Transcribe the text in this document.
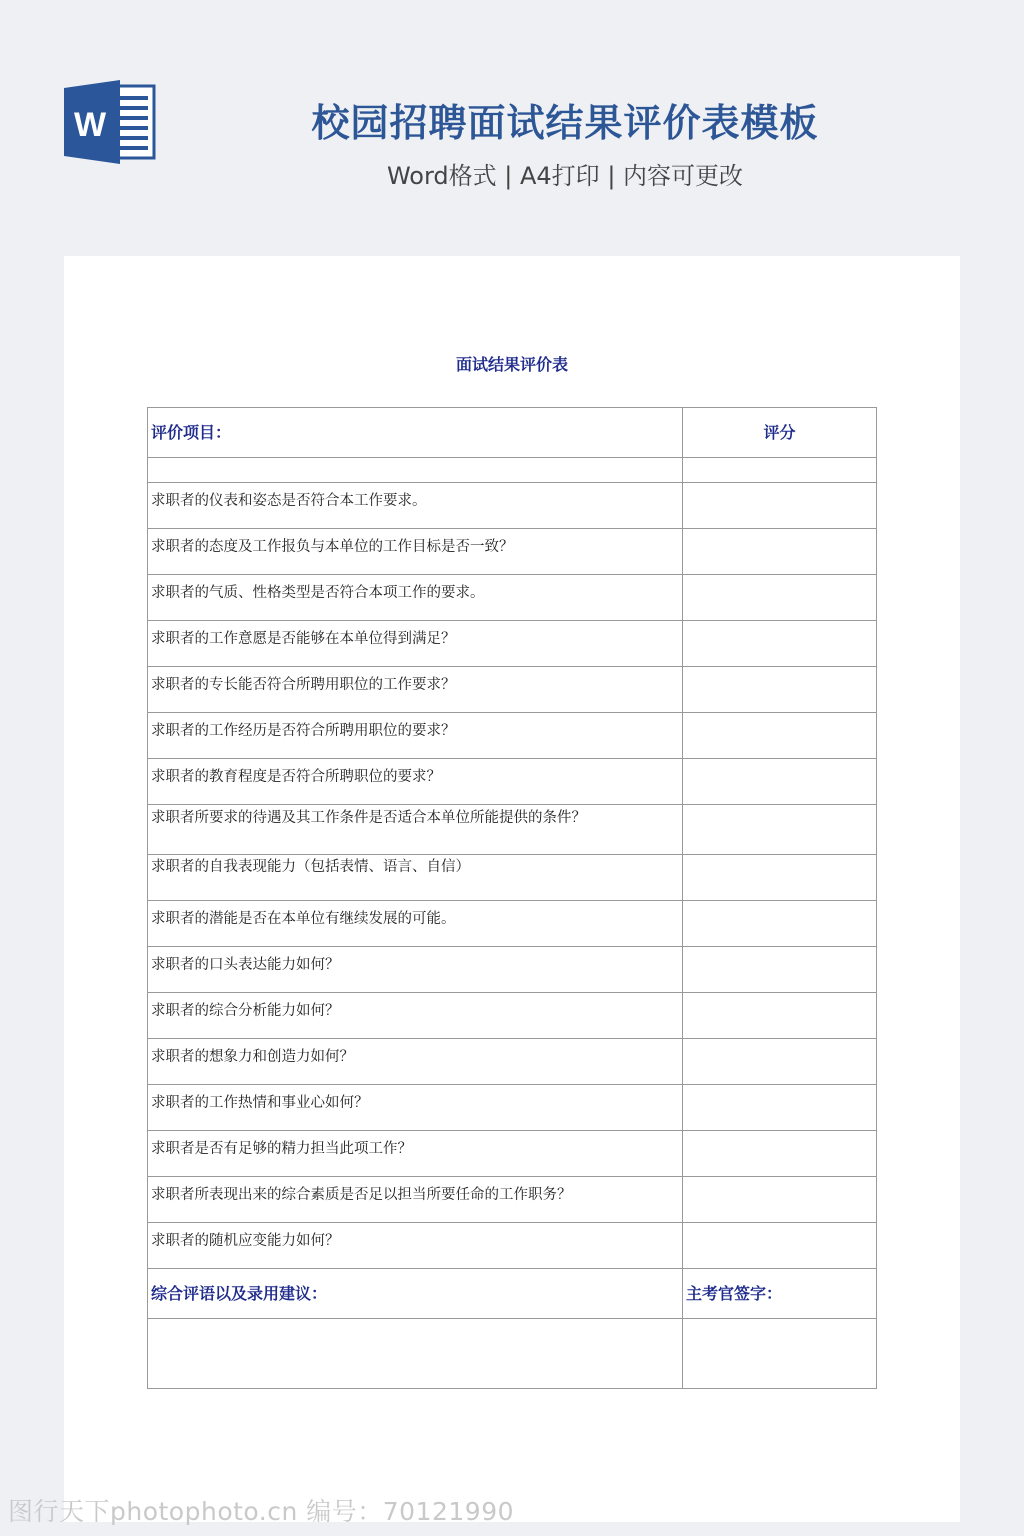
W	校园招聘面试结果评价表模板
Word格式 | A4打印 | 内容可更改
面试结果评价表
评价项目：	评分

求职者的仪表和姿态是否符合本工作要求。	
求职者的态度及工作报负与本单位的工作目标是否一致？	
求职者的气质、性格类型是否符合本项工作的要求。	
求职者的工作意愿是否能够在本单位得到满足？	
求职者的专长能否符合所聘用职位的工作要求？	
求职者的工作经历是否符合所聘用职位的要求？	
求职者的教育程度是否符合所聘职位的要求？	
求职者所要求的待遇及其工作条件是否适合本单位所能提供的条件？	
求职者的自我表现能力（包括表情、语言、自信）	
求职者的潜能是否在本单位有继续发展的可能。	
求职者的口头表达能力如何？	
求职者的综合分析能力如何？	
求职者的想象力和创造力如何？	
求职者的工作热情和事业心如何？	
求职者是否有足够的精力担当此项工作？	
求职者所表现出来的综合素质是否足以担当所要任命的工作职务？	
求职者的随机应变能力如何？	
综合评语以及录用建议：	主考官签字：

图行天下photophoto.cn 编号：70121990
